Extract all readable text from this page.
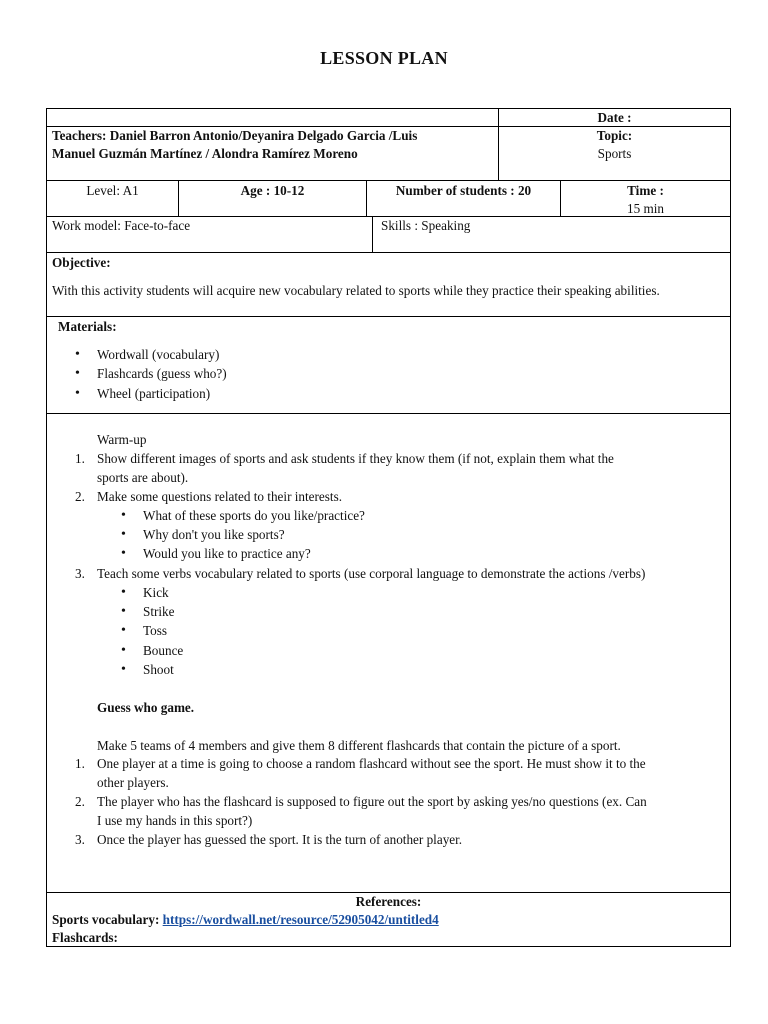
LESSON PLAN
Date :
Teachers: Daniel Barron Antonio/Deyanira Delgado Garcia /Luis
Manuel Guzmán Martínez / Alondra Ramírez Moreno
Topic:
Sports
Level: A1	Age : 10-12	Number of students : 20	Time :
15 min
Work model: Face-to-face	Skills : Speaking
Objective:
With this activity students will acquire new vocabulary related to sports while they practice their speaking abilities.
Materials:
• Wordwall (vocabulary)
• Flashcards (guess who?)
• Wheel (participation)
Warm-up
1. Show different images of sports and ask students if they know them (if not, explain them what the
sports are about).
2. Make some questions related to their interests.
• What of these sports do you like/practice?
• Why don't you like sports?
• Would you like to practice any?
3. Teach some verbs vocabulary related to sports (use corporal language to demonstrate the actions /verbs)
• Kick
• Strike
• Toss
• Bounce
• Shoot
Guess who game.
Make 5 teams of 4 members and give them 8 different flashcards that contain the picture of a sport.
1. One player at a time is going to choose a random flashcard without see the sport. He must show it to the
other players.
2. The player who has the flashcard is supposed to figure out the sport by asking yes/no questions (ex. Can
I use my hands in this sport?)
3. Once the player has guessed the sport. It is the turn of another player.
References:
Sports vocabulary: https://wordwall.net/resource/52905042/untitled4
Flashcards:
